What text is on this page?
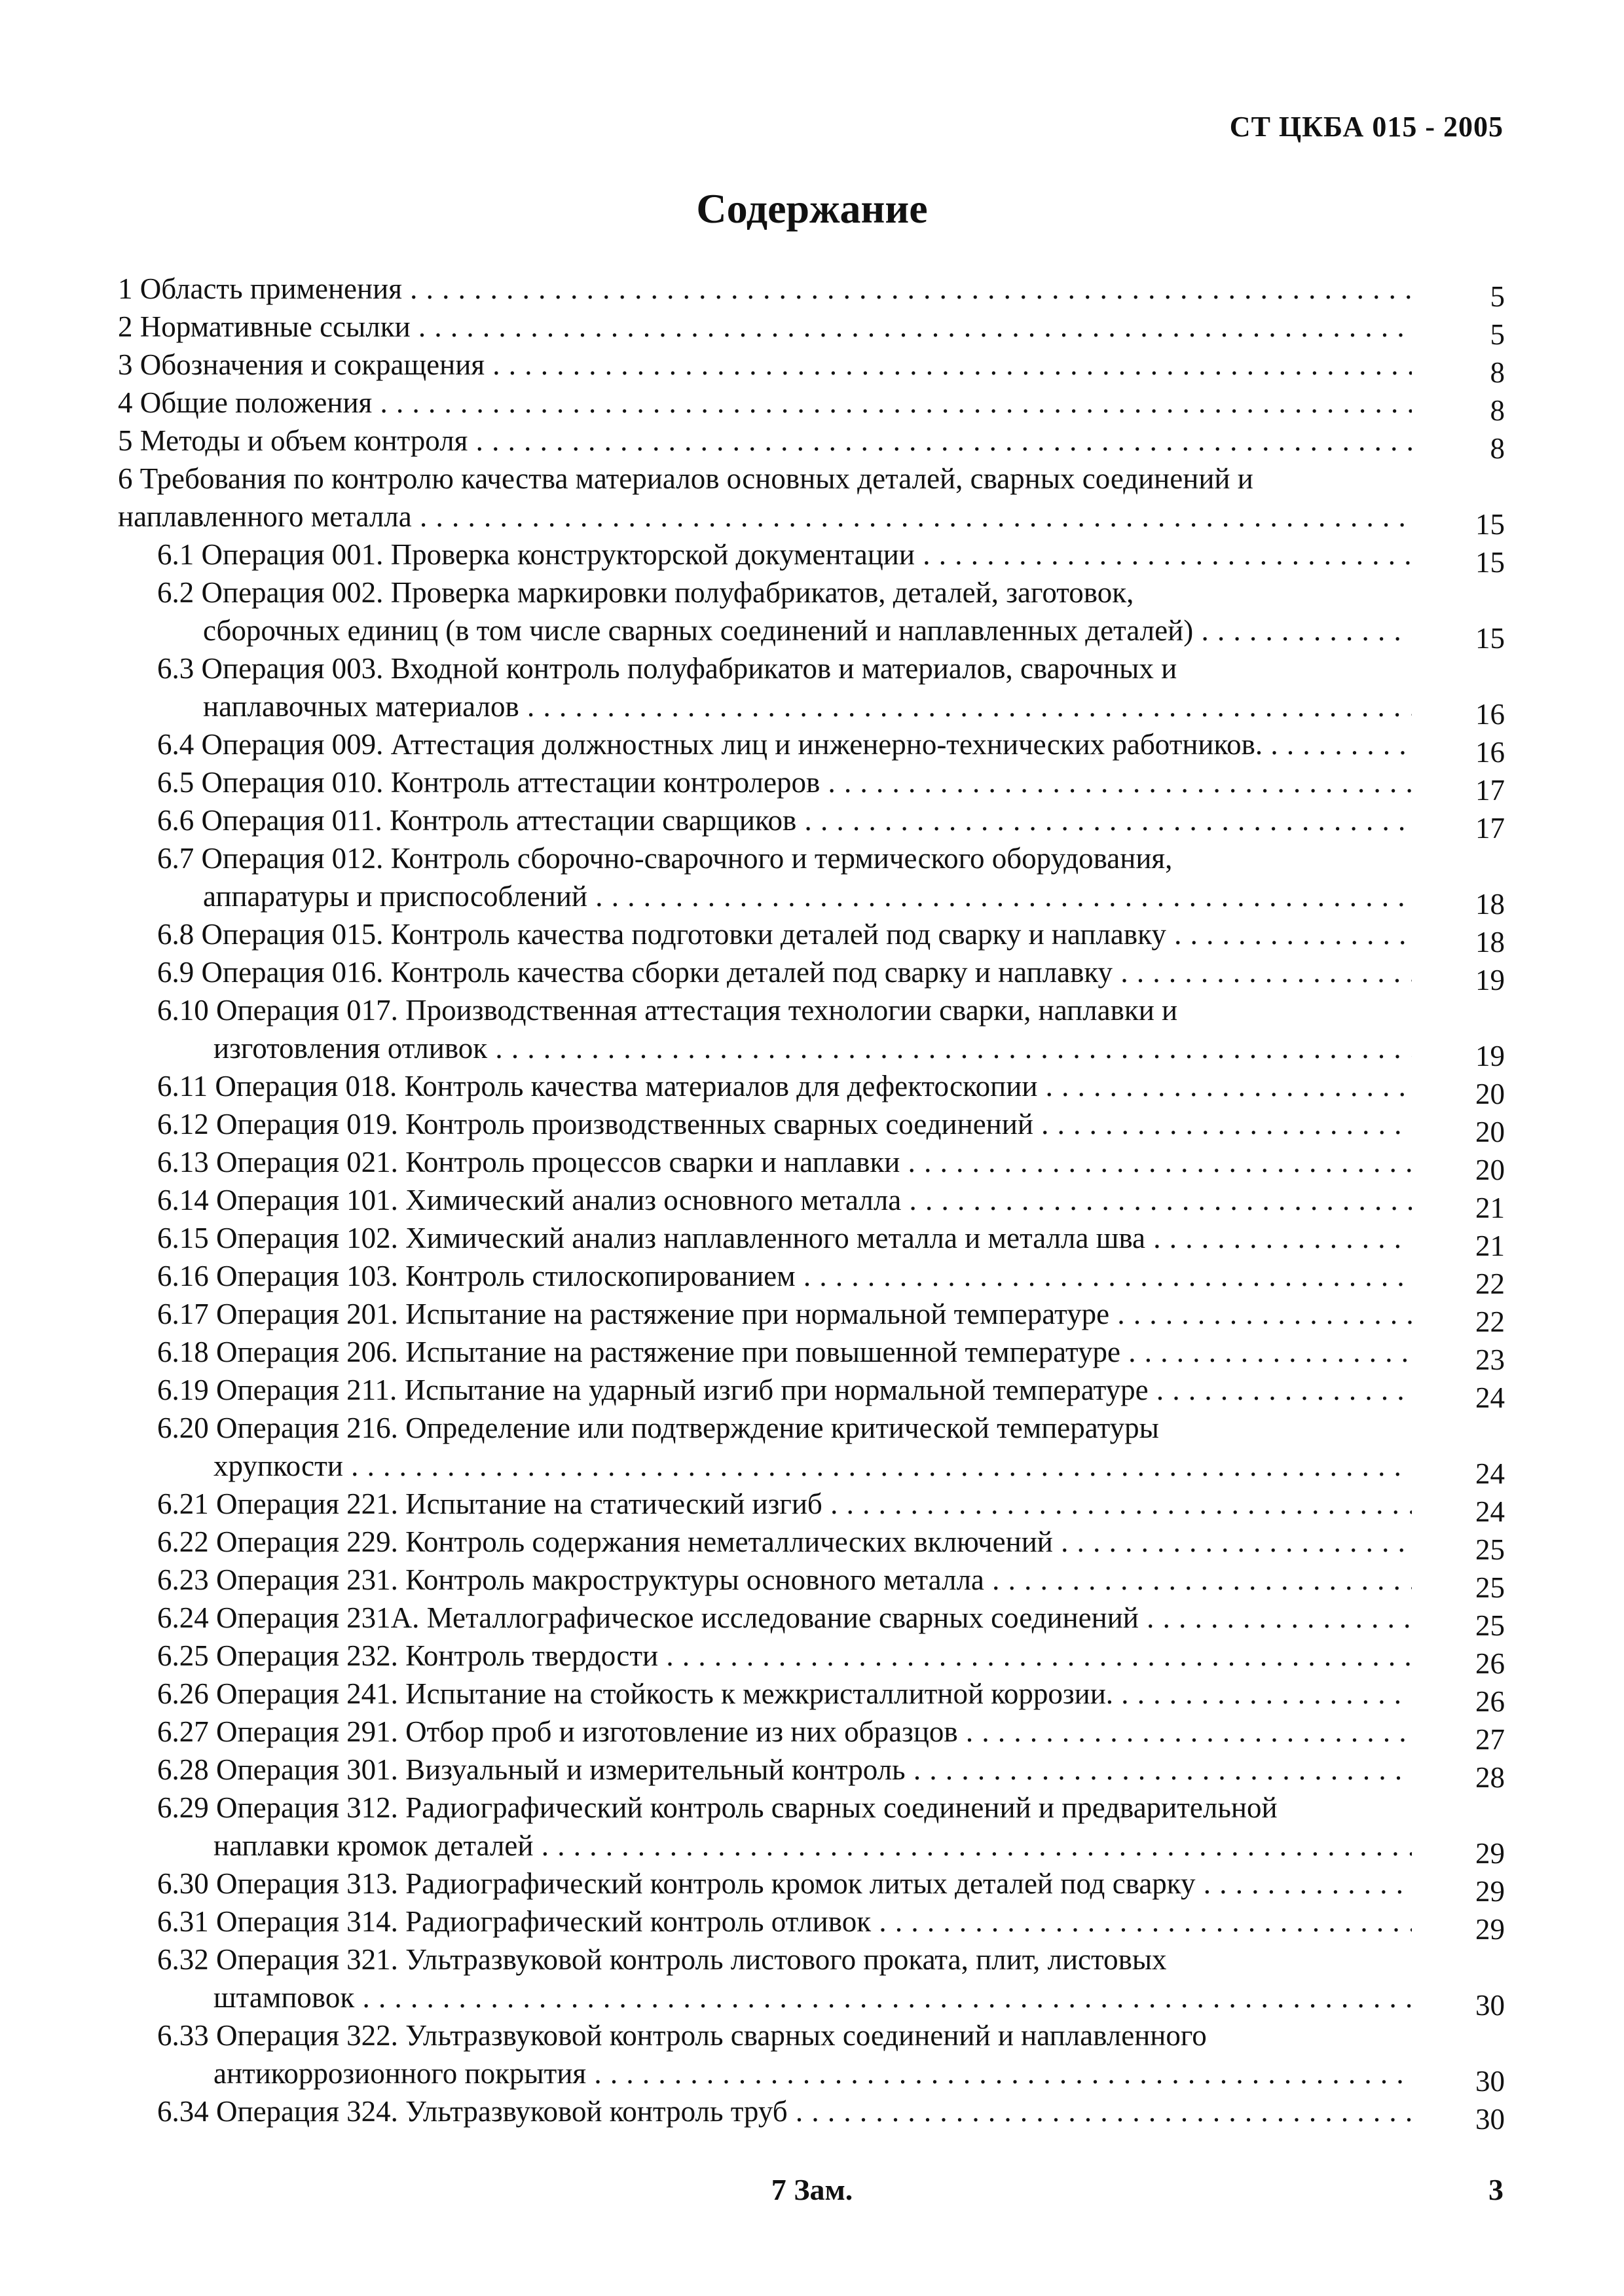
СТ ЦКБА 015 - 2005
Содержание
1 Область применения . . .	5
2 Нормативные ссылки . . .	5
3 Обозначения и сокращения . . .	8
4 Общие положения . . .	8
5 Методы и объем контроля . . .	8
6 Требования по контролю качества материалов основных деталей, сварных соединений и
наплавленного металла . . .	15
6.1 Операция 001. Проверка конструкторской документации . . .	15
6.2 Операция 002. Проверка маркировки полуфабрикатов, деталей, заготовок,
сборочных единиц (в том числе сварных соединений и наплавленных деталей) . . .	15
6.3 Операция 003. Входной контроль полуфабрикатов и материалов, сварочных и
наплавочных материалов . . .	16
6.4 Операция 009. Аттестация должностных лиц и инженерно-технических работников. . . .	16
6.5 Операция 010. Контроль аттестации контролеров . . .	17
6.6 Операция 011. Контроль аттестации сварщиков . . .	17
6.7 Операция 012. Контроль сборочно-сварочного и термического оборудования,
аппаратуры и приспособлений . . .	18
6.8 Операция 015. Контроль качества подготовки деталей под сварку и наплавку . . .	18
6.9 Операция 016. Контроль качества сборки деталей под сварку и наплавку . . .	19
6.10 Операция 017. Производственная аттестация технологии сварки, наплавки и
изготовления отливок . . .	19
6.11 Операция 018. Контроль качества материалов для дефектоскопии . . .	20
6.12 Операция 019. Контроль производственных сварных соединений . . .	20
6.13 Операция 021. Контроль процессов сварки и наплавки . . .	20
6.14 Операция 101. Химический анализ основного металла . . .	21
6.15 Операция 102. Химический анализ наплавленного металла и металла шва . . .	21
6.16 Операция 103. Контроль стилоскопированием . . .	22
6.17 Операция 201. Испытание на растяжение при нормальной температуре . . .	22
6.18 Операция 206. Испытание на растяжение при повышенной температуре . . .	23
6.19 Операция 211. Испытание на ударный изгиб при нормальной температуре . . .	24
6.20 Операция 216. Определение или подтверждение критической температуры
хрупкости . . .	24
6.21 Операция 221. Испытание на статический изгиб . . .	24
6.22 Операция 229. Контроль содержания неметаллических включений . . .	25
6.23 Операция 231. Контроль макроструктуры основного металла . . .	25
6.24 Операция 231А. Металлографическое исследование сварных соединений . . .	25
6.25 Операция 232. Контроль твердости . . .	26
6.26 Операция 241. Испытание на стойкость к межкристаллитной коррозии. . . .	26
6.27 Операция 291. Отбор проб и изготовление из них образцов . . .	27
6.28 Операция 301. Визуальный и измерительный контроль . . .	28
6.29 Операция 312. Радиографический контроль сварных соединений и предварительной
наплавки кромок деталей . . .	29
6.30 Операция 313. Радиографический контроль кромок литых деталей под сварку . . .	29
6.31 Операция 314. Радиографический контроль отливок . . .	29
6.32 Операция 321. Ультразвуковой контроль листового проката, плит, листовых
штамповок . . .	30
6.33 Операция 322. Ультразвуковой контроль сварных соединений и наплавленного
антикоррозионного покрытия . . .	30
6.34 Операция 324. Ультразвуковой контроль труб . . .	30
7 Зам.	3
